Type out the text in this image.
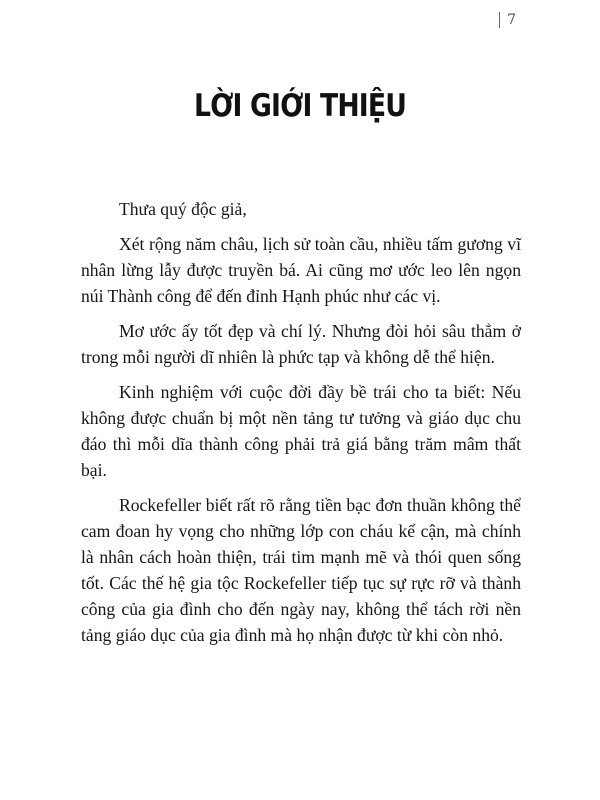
7
LỜI GIỚI THIỆU

Thưa quý độc giả,

Xét rộng năm châu, lịch sử toàn cầu, nhiều tấm gương vĩ nhân lừng lẫy được truyền bá. Ai cũng mơ ước leo lên ngọn núi Thành công để đến đỉnh Hạnh phúc như các vị.

Mơ ước ấy tốt đẹp và chí lý. Nhưng đòi hỏi sâu thẳm ở trong mỗi người dĩ nhiên là phức tạp và không dễ thể hiện.

Kinh nghiệm với cuộc đời đầy bề trái cho ta biết: Nếu không được chuẩn bị một nền tảng tư tưởng và giáo dục chu đáo thì mỗi dĩa thành công phải trả giá bằng trăm mâm thất bại.

Rockefeller biết rất rõ rằng tiền bạc đơn thuần không thể cam đoan hy vọng cho những lớp con cháu kế cận, mà chính là nhân cách hoàn thiện, trái tim mạnh mẽ và thói quen sống tốt. Các thế hệ gia tộc Rockefeller tiếp tục sự rực rỡ và thành công của gia đình cho đến ngày nay, không thể tách rời nền tảng giáo dục của gia đình mà họ nhận được từ khi còn nhỏ.
